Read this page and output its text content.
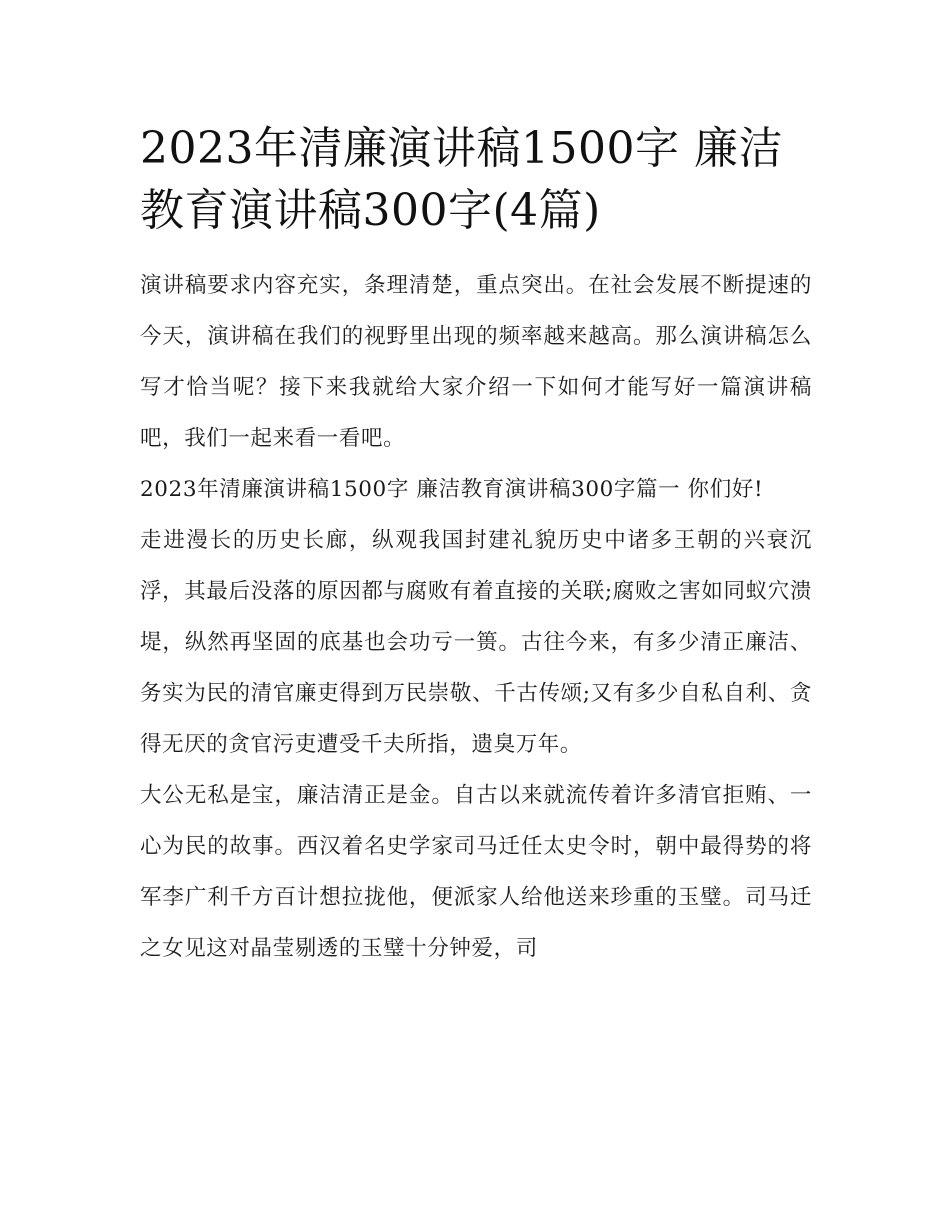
2023年清廉演讲稿1500字 廉洁教育演讲稿300字(4篇)

演讲稿要求内容充实，条理清楚，重点突出。在社会发展不断提速的今天，演讲稿在我们的视野里出现的频率越来越高。那么演讲稿怎么写才恰当呢？接下来我就给大家介绍一下如何才能写好一篇演讲稿吧，我们一起来看一看吧。

2023年清廉演讲稿1500字 廉洁教育演讲稿300字篇一 你们好!

走进漫长的历史长廊，纵观我国封建礼貌历史中诸多王朝的兴衰沉浮，其最后没落的原因都与腐败有着直接的关联;腐败之害如同蚁穴溃堤，纵然再坚固的底基也会功亏一篑。古往今来，有多少清正廉洁、务实为民的清官廉吏得到万民崇敬、千古传颂;又有多少自私自利、贪得无厌的贪官污吏遭受千夫所指，遗臭万年。

大公无私是宝，廉洁清正是金。自古以来就流传着许多清官拒贿、一心为民的故事。西汉着名史学家司马迁任太史令时，朝中最得势的将军李广利千方百计想拉拢他，便派家人给他送来珍重的玉璧。司马迁之女见这对晶莹剔透的玉璧十分钟爱，司
